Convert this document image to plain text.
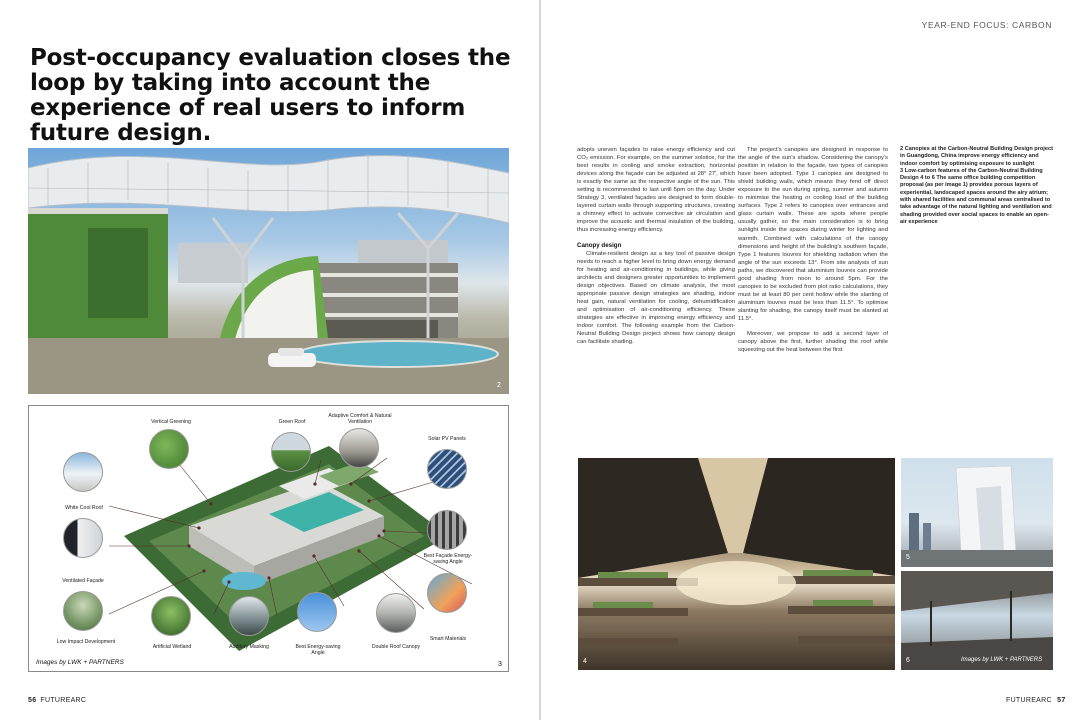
Post-occupancy evaluation closes the loop by taking into account the experience of real users to inform future design.
2
Vertical Greening	Green Roof
Adaptive Comfort & Natural Ventilation
Solar PV Panels
White Cool Roof
Ventilated Façade
Best Façade Energy-saving Angle
Low Impact Development
Artificial Wetland	Auditory Masking	Best Energy-saving Angle
Double Roof Canopy
Smart Materials
Images by LWK + PARTNERS	3
56 FUTUREARC
YEAR-END FOCUS: CARBON

adopts uneven façades to raise energy efficiency and cut CO₂ emission. For example, on the summer solstice, for the best results in cooling and smoke extraction, horizontal devices along the façade can be adjusted at 28° 27', which is exactly the same as the respective angle of the sun. This setting is recommended to last until 5pm on the day. Under Strategy 3, ventilated façades are designed to form double-layered curtain walls through supporting structures, creating a chimney effect to activate convective air circulation and improve the acoustic and thermal insulation of the building, thus increasing energy efficiency.

Canopy design

Climate-resilient design as a key tool of passive design needs to reach a higher level to bring down energy demand for heating and air-conditioning in buildings, while giving architects and designers greater opportunities to implement design objectives. Based on climate analysis, the most appropriate passive design strategies are shading, indoor heat gain, natural ventilation for cooling, dehumidification and optimisation of air-conditioning efficiency. These strategies are effective in improving energy efficiency and indoor comfort. The following example from the Carbon-Neutral Building Design project shows how canopy design can facilitate shading.

The project's canopies are designed in response to the angle of the sun's shadow. Considering the canopy's position in relation to the façade, two types of canopies have been adopted. Type 1 canopies are designed to shield building walls, which means they fend off direct exposure to the sun during spring, summer and autumn to minimise the heating or cooling load of the building surfaces. Type 2 refers to canopies over entrances and glass curtain walls. These are spots where people usually gather, so the main consideration is to bring sunlight inside the spaces during winter for lighting and warmth. Combined with calculations of the canopy dimensions and height of the building's southern façade, Type 1 features louvres for shielding radiation when the angle of the sun exceeds 13°. From site analysis of sun paths, we discovered that aluminium louvres can provide good shading from noon to around 5pm. For the canopies to be excluded from plot ratio calculations, they must be at least 80 per cent hollow while the slanting of aluminium louvres must be less than 11.5°. To optimise slanting for shading, the canopy itself must be slanted at 11.5°.

Moreover, we propose to add a second layer of canopy above the first, further shading the roof while squeezing out the heat between the first

2 Canopies at the Carbon-Neutral Building Design project in Guangdong, China improve energy efficiency and indoor comfort by optimising exposure to sunlight

3 Low-carbon features of the Carbon-Neutral Building Design 4 to 6 The same office building competition proposal (as per image 1) provides porous layers of experiential, landscaped spaces around the airy atrium; with shared facilities and communal areas centralised to take advantage of the natural lighting and ventilation and shading provided over social spaces to enable an open-air experience

4
5
6	Images by LWK + PARTNERS
FUTUREARC 57
